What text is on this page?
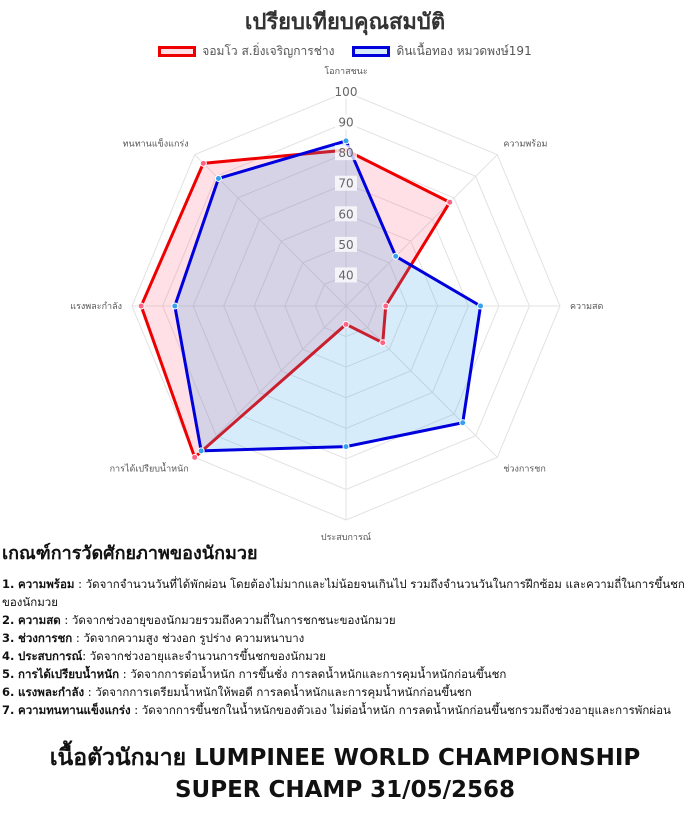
เปรียบเทียบคุณสมบัติ
จอมโว ส.ยิ่งเจริญการช่าง	ดินเนื้อทอง หมวดพงษ์191
40
50
60
70
80
90
100
โอกาสชนะ
ความพร้อม
ความสด
ช่วงการชก
ประสบการณ์
การได้เปรียบน้ำหนัก
แรงพละกำลัง
ทนทานแข็งแกร่ง
เกณฑ์การวัดศักยภาพของนักมวย
1. ความพร้อม : วัดจากจำนวนวันที่ได้พักผ่อน โดยต้องไม่มากและไม่น้อยจนเกินไป รวมถึงจำนวนวันในการฝึกซ้อม และความถี่ในการขึ้นชกของนักมวย
2. ความสด : วัดจากช่วงอายุของนักมวยรวมถึงความถี่ในการชกชนะของนักมวย
3. ช่วงการชก : วัดจากความสูง ช่วงอก รูปร่าง ความหนาบาง
4. ประสบการณ์: วัดจากช่วงอายุและจำนวนการขึ้นชกของนักมวย
5. การได้เปรียบน้ำหนัก : วัดจากการต่อน้ำหนัก การขึ้นชั่ง การลดน้ำหนักและการคุมน้ำหนักก่อนขึ้นชก
6. แรงพละกำลัง : วัดจากการเตรียมน้ำหนักให้พอดี การลดน้ำหนักและการคุมน้ำหนักก่อนขึ้นชก
7. ความทนทานแข็งแกร่ง : วัดจากการขึ้นชกในน้ำหนักของตัวเอง ไม่ต่อน้ำหนัก การลดน้ำหนักก่อนขึ้นชกรวมถึงช่วงอายุและการพักผ่อน
เนื้อตัวนักมาย LUMPINEE WORLD CHAMPIONSHIP
SUPER CHAMP 31/05/2568
